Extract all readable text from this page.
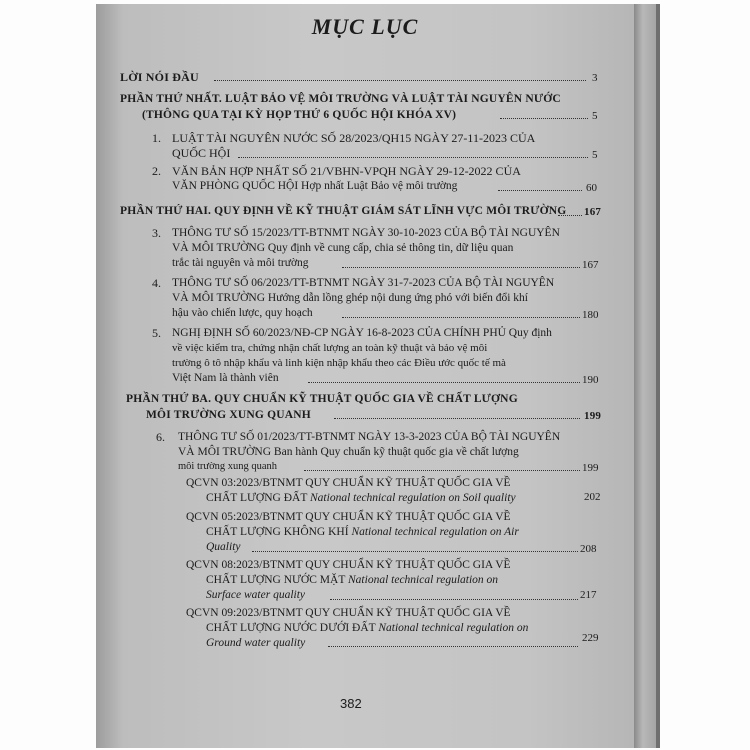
MỤC LỤC
LỜI NÓI ĐẦU	3
PHẦN THỨ NHẤT. LUẬT BẢO VỆ MÔI TRƯỜNG VÀ LUẬT TÀI NGUYÊN NƯỚC
(THÔNG QUA TẠI KỲ HỌP THỨ 6 QUỐC HỘI KHÓA XV)	5
1. LUẬT TÀI NGUYÊN NƯỚC SỐ 28/2023/QH15 NGÀY 27-11-2023 CỦA
QUỐC HỘI	5
2. VĂN BẢN HỢP NHẤT SỐ 21/VBHN-VPQH NGÀY 29-12-2022 CỦA
VĂN PHÒNG QUỐC HỘI Hợp nhất Luật Bảo vệ môi trường	60
PHẦN THỨ HAI. QUY ĐỊNH VỀ KỸ THUẬT GIÁM SÁT LĨNH VỰC MÔI TRƯỜNG 167
3. THÔNG TƯ SỐ 15/2023/TT-BTNMT NGÀY 30-10-2023 CỦA BỘ TÀI NGUYÊN
VÀ MÔI TRƯỜNG Quy định về cung cấp, chia sẻ thông tin, dữ liệu quan
trắc tài nguyên và môi trường	167
4. THÔNG TƯ SỐ 06/2023/TT-BTNMT NGÀY 31-7-2023 CỦA BỘ TÀI NGUYÊN
VÀ MÔI TRƯỜNG Hướng dẫn lồng ghép nội dung ứng phó với biến đổi khí
hậu vào chiến lược, quy hoạch	180
5. NGHỊ ĐỊNH SỐ 60/2023/NĐ-CP NGÀY 16-8-2023 CỦA CHÍNH PHỦ Quy định
về việc kiểm tra, chứng nhận chất lượng an toàn kỹ thuật và bảo vệ môi
trường ô tô nhập khẩu và linh kiện nhập khẩu theo các Điều ước quốc tế mà
Việt Nam là thành viên	190
PHẦN THỨ BA. QUY CHUẨN KỸ THUẬT QUỐC GIA VỀ CHẤT LƯỢNG
MÔI TRƯỜNG XUNG QUANH	199
6. THÔNG TƯ SỐ 01/2023/TT-BTNMT NGÀY 13-3-2023 CỦA BỘ TÀI NGUYÊN
VÀ MÔI TRƯỜNG Ban hành Quy chuẩn kỹ thuật quốc gia về chất lượng
môi trường xung quanh	199
QCVN 03:2023/BTNMT QUY CHUẨN KỸ THUẬT QUỐC GIA VỀ
CHẤT LƯỢNG ĐẤT National technical regulation on Soil quality	202
QCVN 05:2023/BTNMT QUY CHUẨN KỸ THUẬT QUỐC GIA VỀ
CHẤT LƯỢNG KHÔNG KHÍ National technical regulation on Air
Quality	208
QCVN 08:2023/BTNMT QUY CHUẨN KỸ THUẬT QUỐC GIA VỀ
CHẤT LƯỢNG NƯỚC MẶT National technical regulation on
Surface water quality	217
QCVN 09:2023/BTNMT QUY CHUẨN KỸ THUẬT QUỐC GIA VỀ
CHẤT LƯỢNG NƯỚC DƯỚI ĐẤT National technical regulation on
Ground water quality	229
382
